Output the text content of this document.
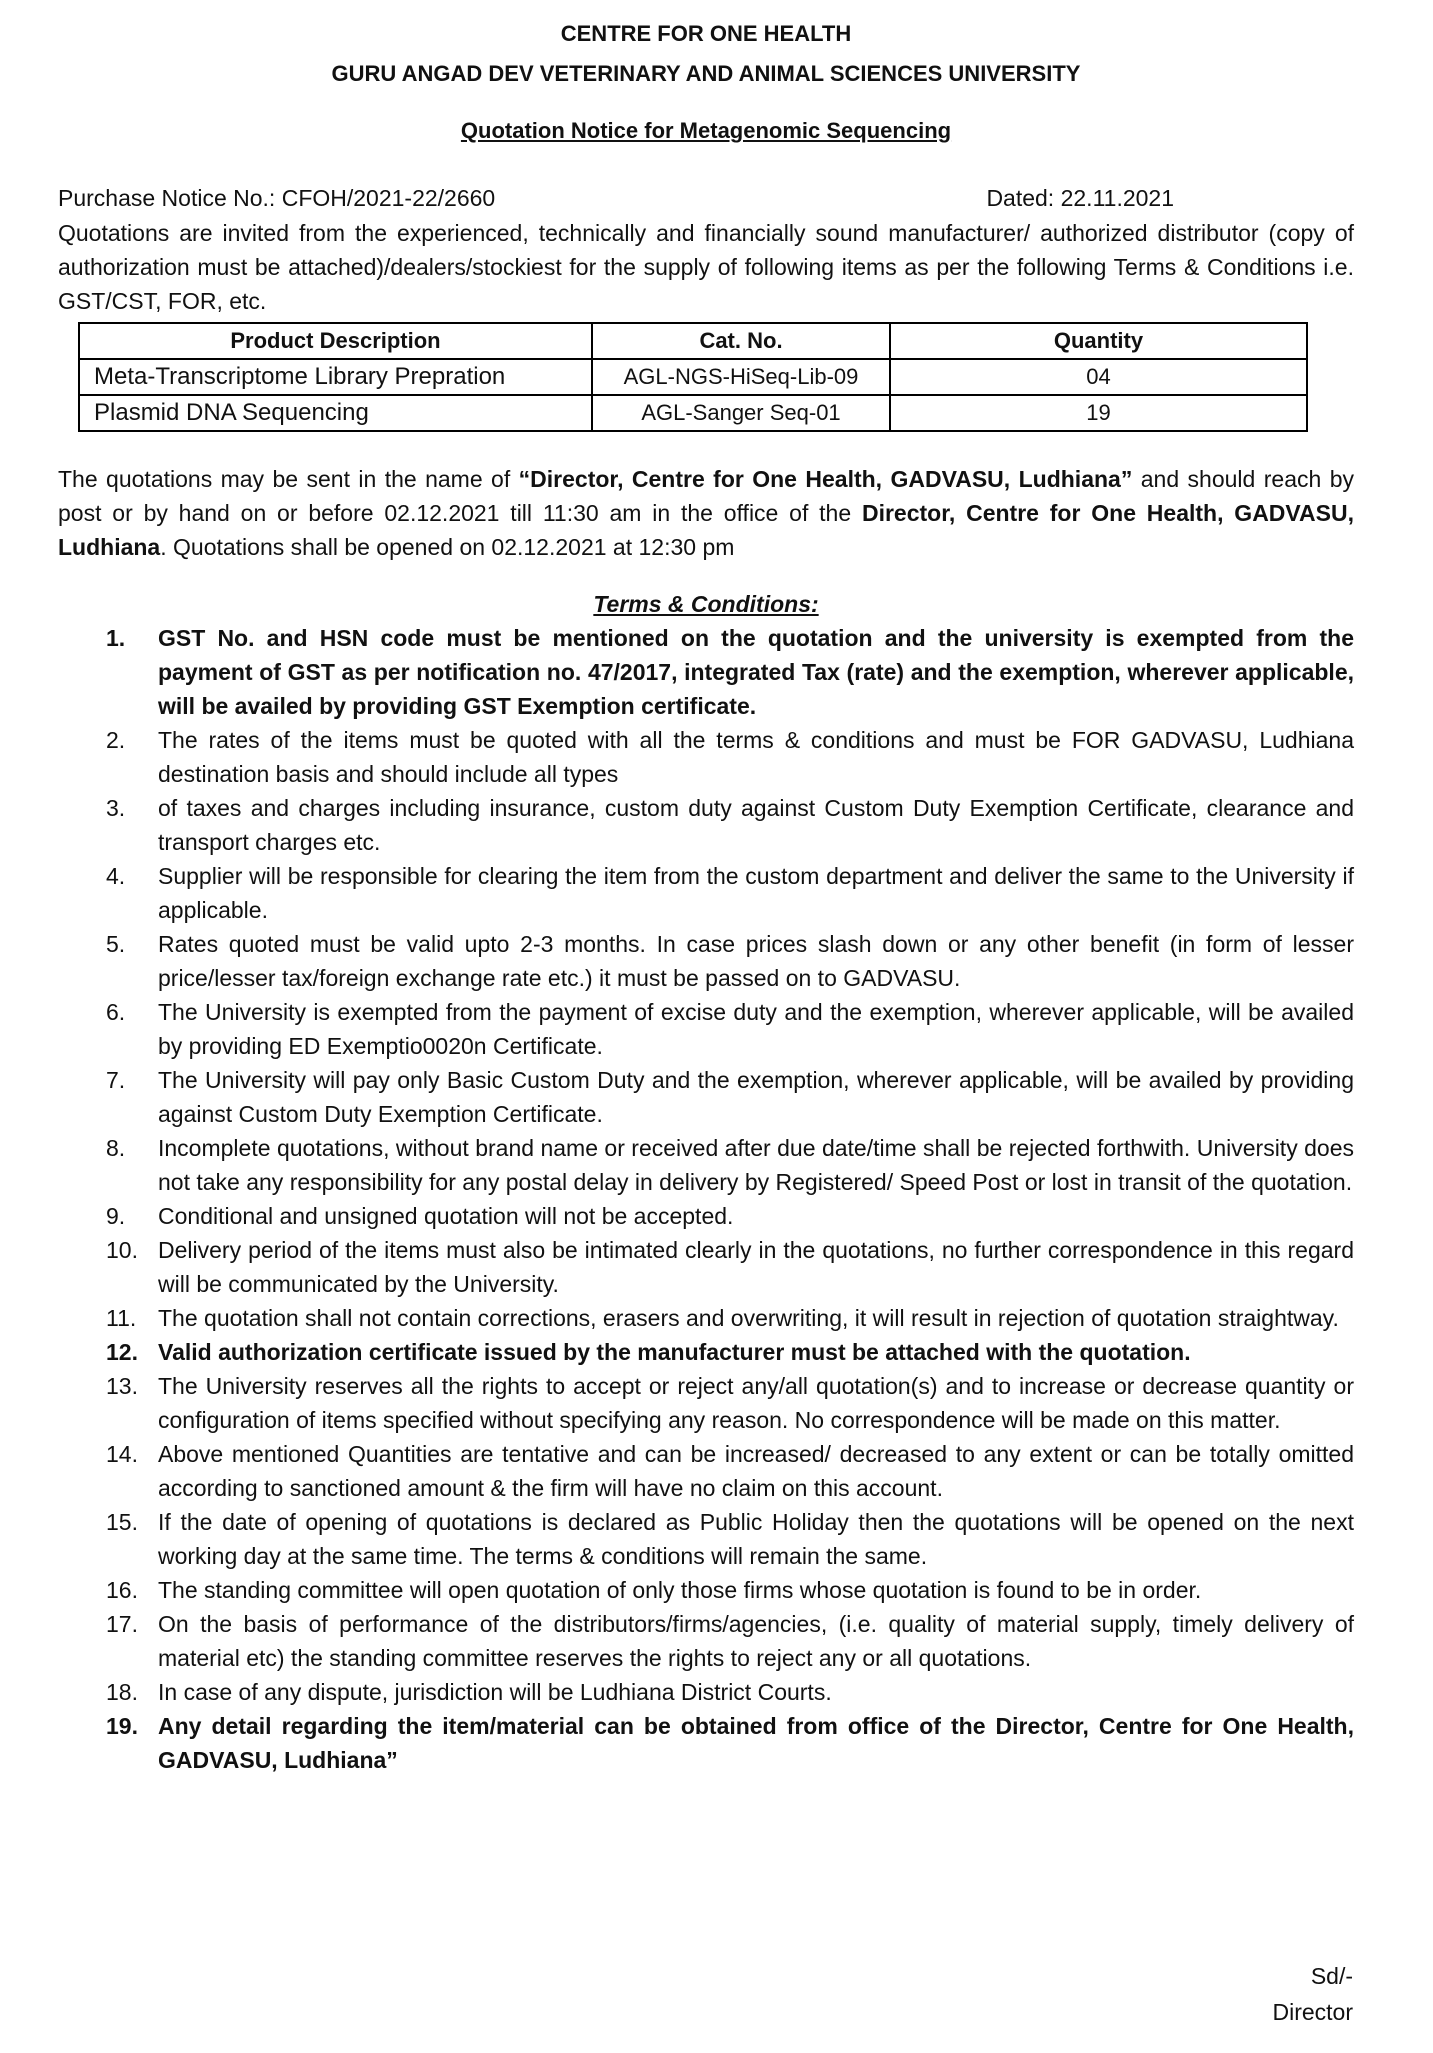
CENTRE FOR ONE HEALTH
GURU ANGAD DEV VETERINARY AND ANIMAL SCIENCES UNIVERSITY
Quotation Notice for Metagenomic Sequencing
Purchase Notice No.: CFOH/2021-22/2660	Dated: 22.11.2021

Quotations are invited from the experienced, technically and financially sound manufacturer/ authorized distributor (copy of authorization must be attached)/dealers/stockiest for the supply of following items as per the following Terms & Conditions i.e. GST/CST, FOR, etc.

Product Description	Cat. No.	Quantity
Meta-Transcriptome Library Prepration	AGL-NGS-HiSeq-Lib-09	04
Plasmid DNA Sequencing	AGL-Sanger Seq-01	19

The quotations may be sent in the name of “Director, Centre for One Health, GADVASU, Ludhiana” and should reach by post or by hand on or before 02.12.2021 till 11:30 am in the office of the Director, Centre for One Health, GADVASU, Ludhiana. Quotations shall be opened on 02.12.2021 at 12:30 pm

Terms & Conditions:
1.	GST No. and HSN code must be mentioned on the quotation and the university is exempted from the payment of GST as per notification no. 47/2017, integrated Tax (rate) and the exemption, wherever applicable, will be availed by providing GST Exemption certificate.
2.	The rates of the items must be quoted with all the terms & conditions and must be FOR GADVASU, Ludhiana destination basis and should include all types
3.	of taxes and charges including insurance, custom duty against Custom Duty Exemption Certificate, clearance and transport charges etc.
4.	Supplier will be responsible for clearing the item from the custom department and deliver the same to the University if applicable.
5.	Rates quoted must be valid upto 2-3 months. In case prices slash down or any other benefit (in form of lesser price/lesser tax/foreign exchange rate etc.) it must be passed on to GADVASU.
6.	The University is exempted from the payment of excise duty and the exemption, wherever applicable, will be availed by providing ED Exemptio0020n Certificate.
7.	The University will pay only Basic Custom Duty and the exemption, wherever applicable, will be availed by providing against Custom Duty Exemption Certificate.
8.	Incomplete quotations, without brand name or received after due date/time shall be rejected forthwith. University does not take any responsibility for any postal delay in delivery by Registered/ Speed Post or lost in transit of the quotation.
9.	Conditional and unsigned quotation will not be accepted.
10. Delivery period of the items must also be intimated clearly in the quotations, no further correspondence in this regard will be communicated by the University.
11. The quotation shall not contain corrections, erasers and overwriting, it will result in rejection of quotation straightway.
12. Valid authorization certificate issued by the manufacturer must be attached with the quotation.
13. The University reserves all the rights to accept or reject any/all quotation(s) and to increase or decrease quantity or configuration of items specified without specifying any reason. No correspondence will be made on this matter.
14. Above mentioned Quantities are tentative and can be increased/ decreased to any extent or can be totally omitted according to sanctioned amount & the firm will have no claim on this account.
15. If the date of opening of quotations is declared as Public Holiday then the quotations will be opened on the next working day at the same time. The terms & conditions will remain the same.
16. The standing committee will open quotation of only those firms whose quotation is found to be in order.
17. On the basis of performance of the distributors/firms/agencies, (i.e. quality of material supply, timely delivery of material etc) the standing committee reserves the rights to reject any or all quotations.
18. In case of any dispute, jurisdiction will be Ludhiana District Courts.
19. Any detail regarding the item/material can be obtained from office of the Director, Centre for One Health, GADVASU, Ludhiana”
Sd/-
Director
